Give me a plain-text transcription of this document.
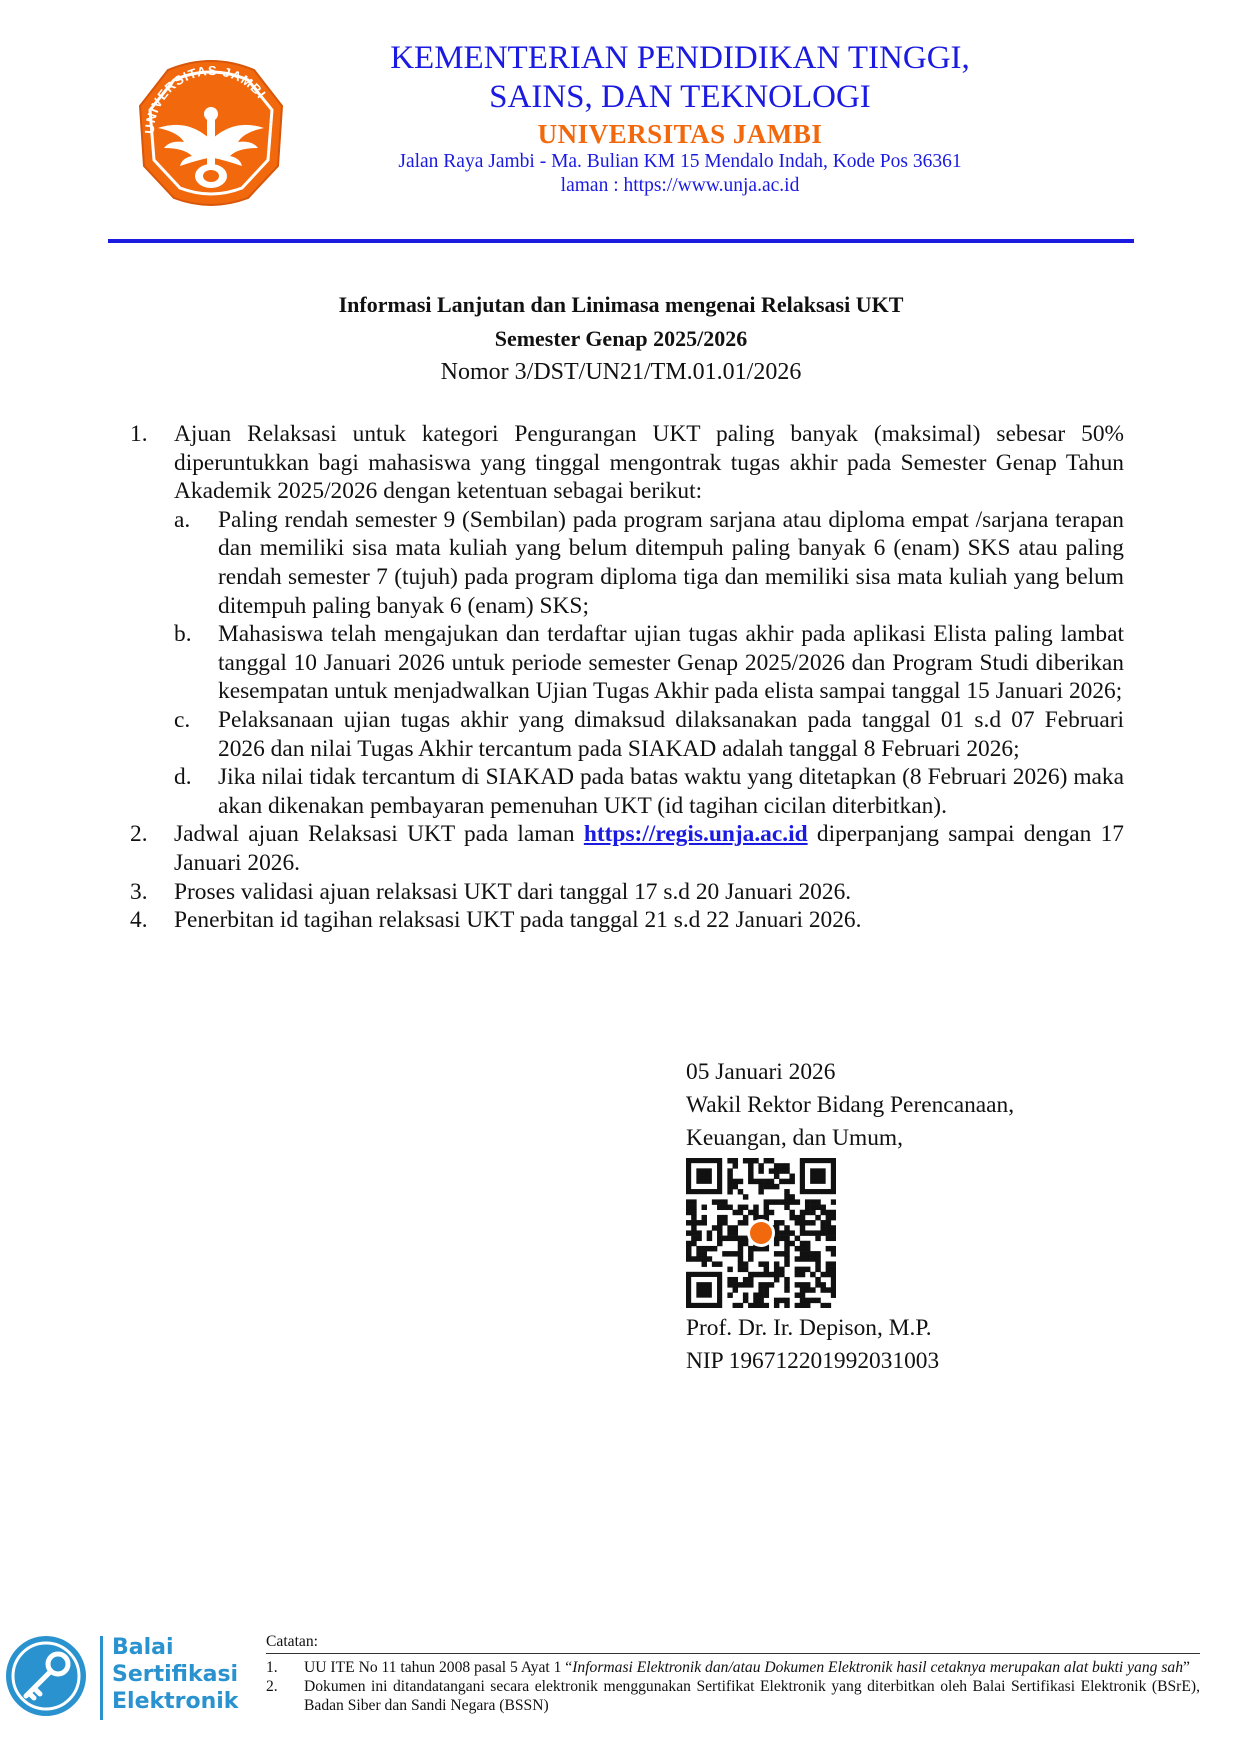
UNIVERSITAS JAMBI

KEMENTERIAN PENDIDIKAN TINGGI,

SAINS, DAN TEKNOLOGI

UNIVERSITAS JAMBI

Jalan Raya Jambi - Ma. Bulian KM 15 Mendalo Indah, Kode Pos 36361

laman : https://www.unja.ac.id

Informasi Lanjutan dan Linimasa mengenai Relaksasi UKT

Semester Genap 2025/2026

Nomor 3/DST/UN21/TM.01.01/2026

1.	Ajuan Relaksasi untuk kategori Pengurangan UKT paling banyak (maksimal) sebesar 50% diperuntukkan bagi mahasiswa yang tinggal mengontrak tugas akhir pada Semester Genap Tahun Akademik 2025/2026 dengan ketentuan sebagai berikut:
a.	Paling rendah semester 9 (Sembilan) pada program sarjana atau diploma empat /sarjana terapan dan memiliki sisa mata kuliah yang belum ditempuh paling banyak 6 (enam) SKS atau paling rendah semester 7 (tujuh) pada program diploma tiga dan memiliki sisa mata kuliah yang belum ditempuh paling banyak 6 (enam) SKS;
b.	Mahasiswa telah mengajukan dan terdaftar ujian tugas akhir pada aplikasi Elista paling lambat tanggal 10 Januari 2026 untuk periode semester Genap 2025/2026 dan Program Studi diberikan kesempatan untuk menjadwalkan Ujian Tugas Akhir pada elista sampai tanggal 15 Januari 2026;
c.	Pelaksanaan ujian tugas akhir yang dimaksud dilaksanakan pada tanggal 01 s.d 07 Februari 2026 dan nilai Tugas Akhir tercantum pada SIAKAD adalah tanggal 8 Februari 2026;
d.	Jika nilai tidak tercantum di SIAKAD pada batas waktu yang ditetapkan (8 Februari 2026) maka akan dikenakan pembayaran pemenuhan UKT (id tagihan cicilan diterbitkan).
2.	Jadwal ajuan Relaksasi UKT pada laman https://regis.unja.ac.id diperpanjang sampai dengan 17 Januari 2026.
3.	Proses validasi ajuan relaksasi UKT dari tanggal 17 s.d 20 Januari 2026.
4.	Penerbitan id tagihan relaksasi UKT pada tanggal 21 s.d 22 Januari 2026.
05 Januari 2026
Wakil Rektor Bidang Perencanaan,
Keuangan, dan Umum,
Prof. Dr. Ir. Depison, M.P.
NIP 196712201992031003
Balai
Sertifikasi
Elektronik
Catatan:
1.	UU ITE No 11 tahun 2008 pasal 5 Ayat 1 “Informasi Elektronik dan/atau Dokumen Elektronik hasil cetaknya merupakan alat bukti yang sah”
2.	Dokumen ini ditandatangani secara elektronik menggunakan Sertifikat Elektronik yang diterbitkan oleh Balai Sertifikasi Elektronik (BSrE), Badan Siber dan Sandi Negara (BSSN)
